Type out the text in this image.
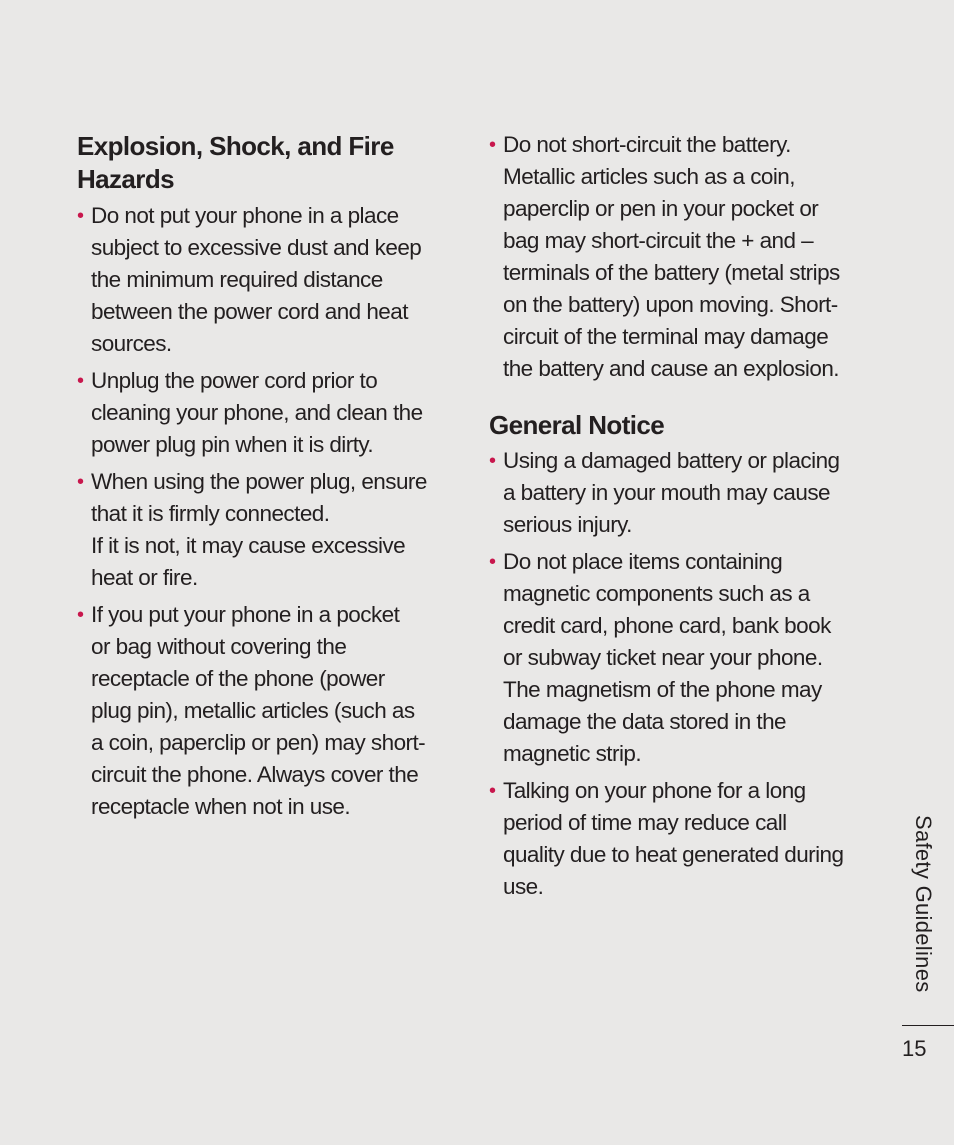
Explosion, Shock, and Fire
Hazards
• Do not put your phone in a place
subject to excessive dust and keep
the minimum required distance
between the power cord and heat
sources.
• Unplug the power cord prior to
cleaning your phone, and clean the
power plug pin when it is dirty.
• When using the power plug, ensure
that it is firmly connected.
If it is not, it may cause excessive
heat or fire.
• If you put your phone in a pocket
or bag without covering the
receptacle of the phone (power
plug pin), metallic articles (such as
a coin, paperclip or pen) may short-
circuit the phone. Always cover the
receptacle when not in use.
• Do not short-circuit the battery.
Metallic articles such as a coin,
paperclip or pen in your pocket or
bag may short-circuit the + and –
terminals of the battery (metal strips
on the battery) upon moving. Short-
circuit of the terminal may damage
the battery and cause an explosion.
General Notice
• Using a damaged battery or placing
a battery in your mouth may cause
serious injury.
• Do not place items containing
magnetic components such as a
credit card, phone card, bank book
or subway ticket near your phone.
The magnetism of the phone may
damage the data stored in the
magnetic strip.
• Talking on your phone for a long
period of time may reduce call
quality due to heat generated during
use.	Safety Guidelines
15
